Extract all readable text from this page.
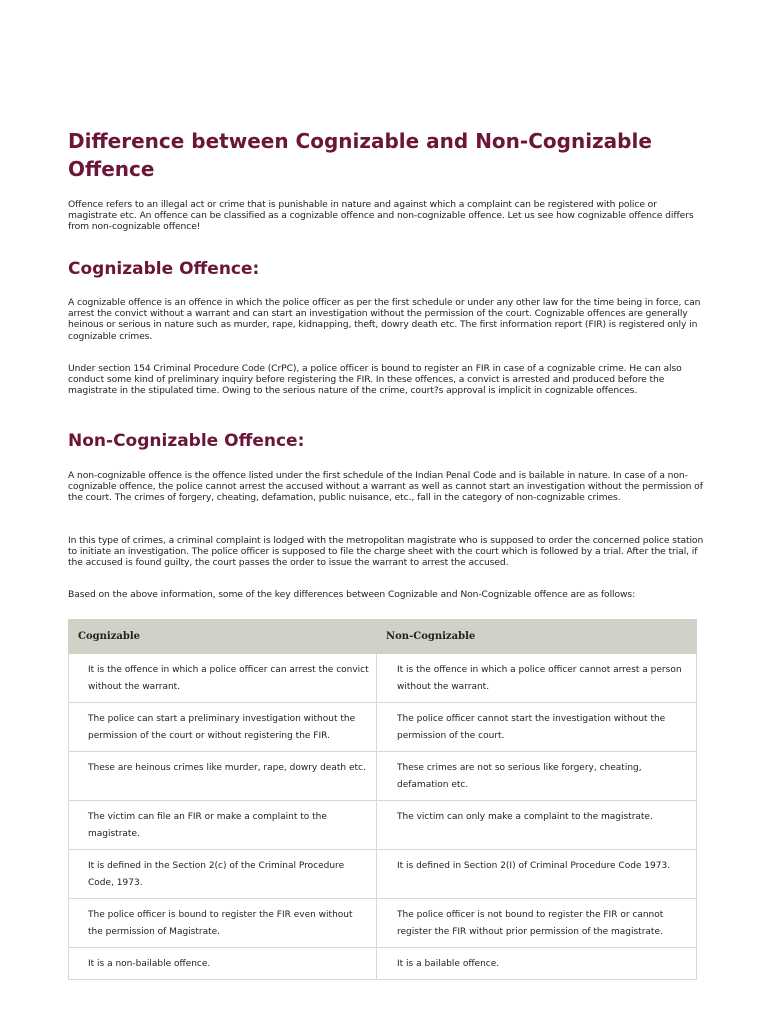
Difference between Cognizable and Non-Cognizable Offence

Offence refers to an illegal act or crime that is punishable in nature and against which a complaint can be registered with police or magistrate etc. An offence can be classified as a cognizable offence and non-cognizable offence. Let us see how cognizable offence differs from non-cognizable offence!

Cognizable Offence:

A cognizable offence is an offence in which the police officer as per the first schedule or under any other law for the time being in force, can arrest the convict without a warrant and can start an investigation without the permission of the court. Cognizable offences are generally heinous or serious in nature such as murder, rape, kidnapping, theft, dowry death etc. The first information report (FIR) is registered only in cognizable crimes.

Under section 154 Criminal Procedure Code (CrPC), a police officer is bound to register an FIR in case of a cognizable crime. He can also conduct some kind of preliminary inquiry before registering the FIR. In these offences, a convict is arrested and produced before the magistrate in the stipulated time. Owing to the serious nature of the crime, court?s approval is implicit in cognizable offences.

Non-Cognizable Offence:

A non-cognizable offence is the offence listed under the first schedule of the Indian Penal Code and is bailable in nature. In case of a non-cognizable offence, the police cannot arrest the accused without a warrant as well as cannot start an investigation without the permission of the court. The crimes of forgery, cheating, defamation, public nuisance, etc., fall in the category of non-cognizable crimes.

In this type of crimes, a criminal complaint is lodged with the metropolitan magistrate who is supposed to order the concerned police station to initiate an investigation. The police officer is supposed to file the charge sheet with the court which is followed by a trial. After the trial, if the accused is found guilty, the court passes the order to issue the warrant to arrest the accused.

Based on the above information, some of the key differences between Cognizable and Non-Cognizable offence are as follows:

Cognizable	Non-Cognizable
It is the offence in which a police officer can arrest the convict without the warrant.	It is the offence in which a police officer cannot arrest a person without the warrant.
The police can start a preliminary investigation without the permission of the court or without registering the FIR.	The police officer cannot start the investigation without the permission of the court.
These are heinous crimes like murder, rape, dowry death etc.	These crimes are not so serious like forgery, cheating, defamation etc.
The victim can file an FIR or make a complaint to the magistrate.	The victim can only make a complaint to the magistrate.
It is defined in the Section 2(c) of the Criminal Procedure Code, 1973.	It is defined in Section 2(I) of Criminal Procedure Code 1973.
The police officer is bound to register the FIR even without the permission of Magistrate.	The police officer is not bound to register the FIR or cannot register the FIR without prior permission of the magistrate.
It is a non-bailable offence.	It is a bailable offence.
